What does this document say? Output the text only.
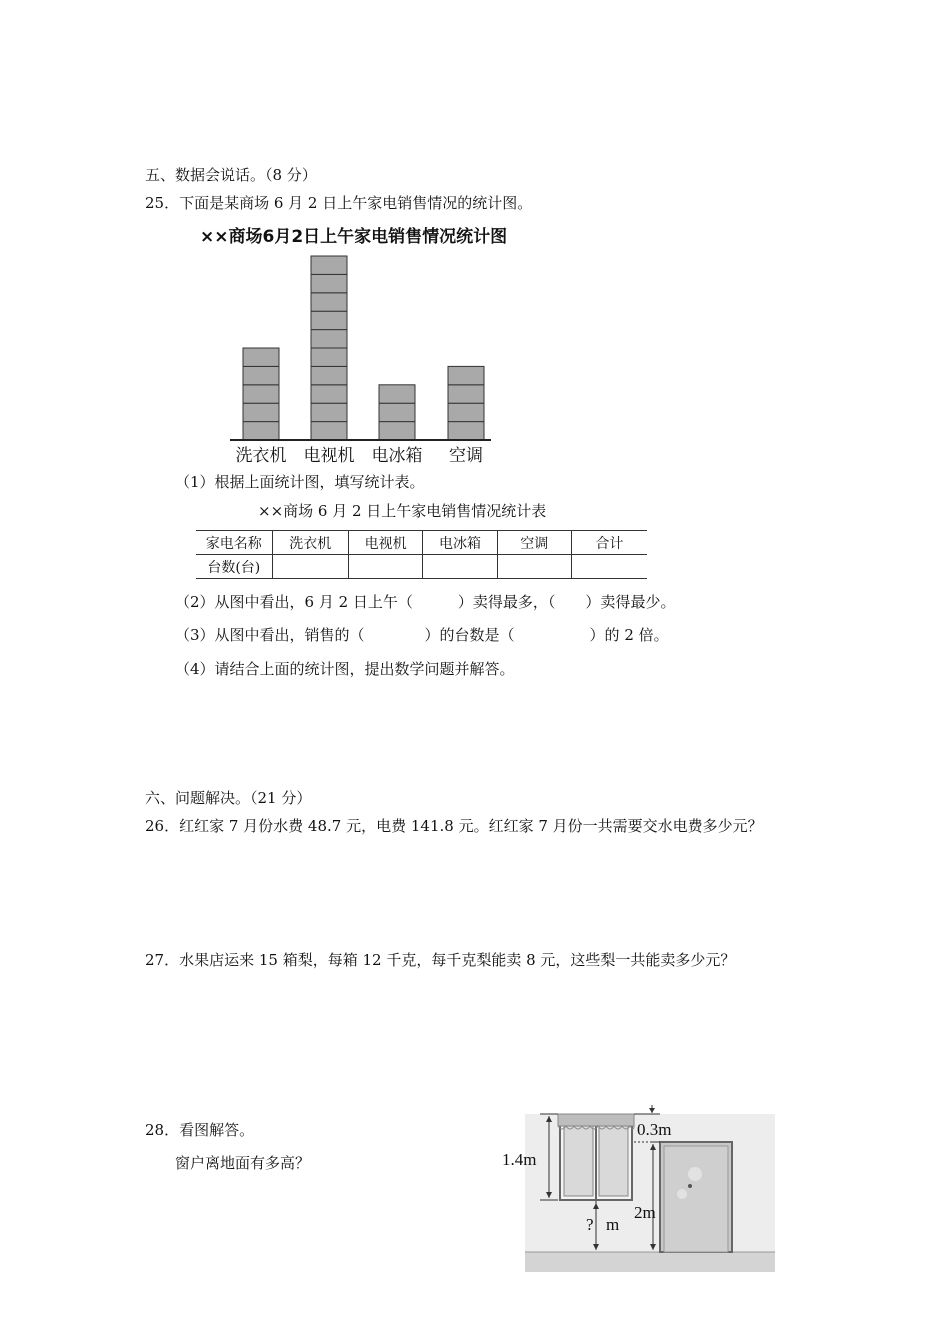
五、数据会说话。（8 分）
25．下面是某商场 6 月 2 日上午家电销售情况的统计图。
××商场6月2日上午家电销售情况统计图
洗衣机 电视机 电冰箱 空调
（1）根据上面统计图，填写统计表。
××商场 6 月 2 日上午家电销售情况统计表
家电名称	洗衣机	电视机	电冰箱	空调	合计
台数(台)					
（2）从图中看出，6 月 2 日上午（　　　）卖得最多，（　　）卖得最少。
（3）从图中看出，销售的（　　　　）的台数是（　　　　　）的 2 倍。
（4）请结合上面的统计图，提出数学问题并解答。
六、问题解决。（21 分）
26．红红家 7 月份水费 48.7 元，电费 141.8 元。红红家 7 月份一共需要交水电费多少元？
27．水果店运来 15 箱梨，每箱 12 千克，每千克梨能卖 8 元，这些梨一共能卖多少元？
28．看图解答。
窗户离地面有多高？
0.3m
1.4m
2m
? m
